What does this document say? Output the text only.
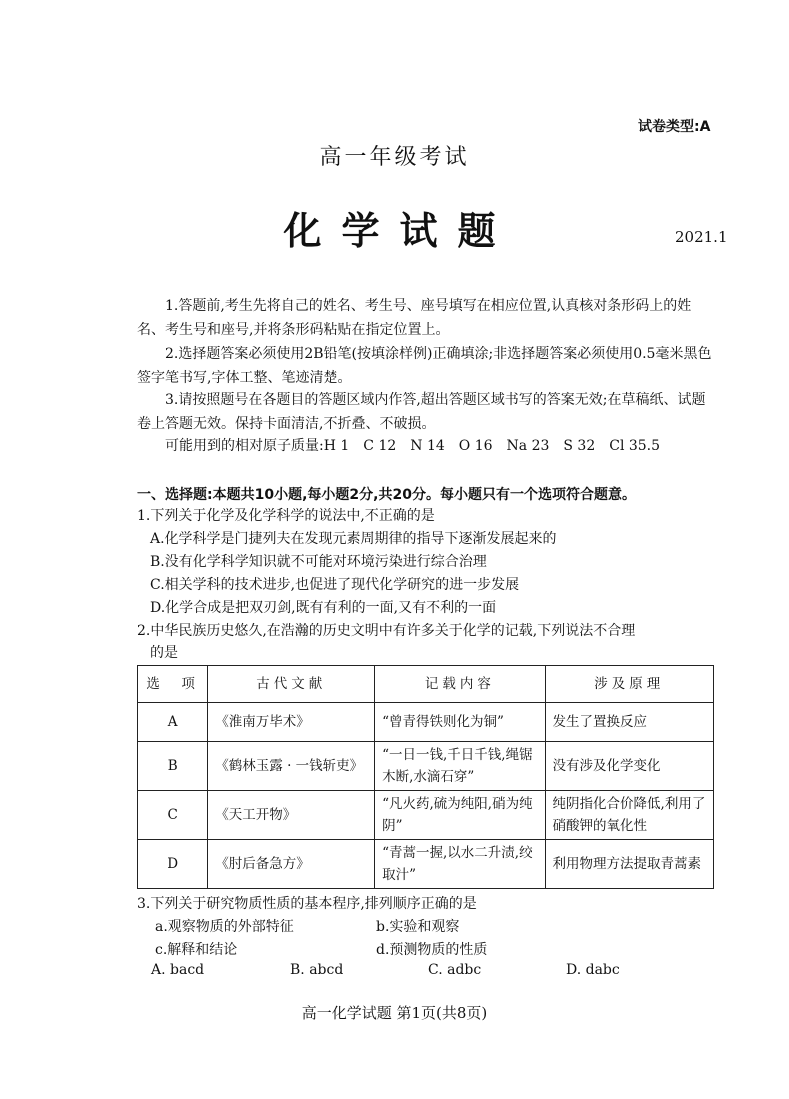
试卷类型:A
高一年级考试
化学试题	2021.1
1.答题前,考生先将自己的姓名、考生号、座号填写在相应位置,认真核对条形码上的姓名、考生号和座号,并将条形码粘贴在指定位置上。
2.选择题答案必须使用2B铅笔(按填涂样例)正确填涂;非选择题答案必须使用0.5毫米黑色签字笔书写,字体工整、笔迹清楚。
3.请按照题号在各题目的答题区域内作答,超出答题区域书写的答案无效;在草稿纸、试题卷上答题无效。保持卡面清洁,不折叠、不破损。
可能用到的相对原子质量:H 1　C 12　N 14　O 16　Na 23　S 32　Cl 35.5
一、选择题:本题共10小题,每小题2分,共20分。每小题只有一个选项符合题意。
1.下列关于化学及化学科学的说法中,不正确的是
A.化学科学是门捷列夫在发现元素周期律的指导下逐渐发展起来的
B.没有化学科学知识就不可能对环境污染进行综合治理
C.相关学科的技术进步,也促进了现代化学研究的进一步发展
D.化学合成是把双刃剑,既有有利的一面,又有不利的一面
2.中华民族历史悠久,在浩瀚的历史文明中有许多关于化学的记载,下列说法不合理
的是
选　项	古代文献	记载内容	涉及原理
A	《淮南万毕术》	“曾青得铁则化为铜”	发生了置换反应
B	《鹤林玉露 · 一钱斩吏》	“一日一钱,千日千钱,绳锯木断,水滴石穿”	没有涉及化学变化
C	《天工开物》	“凡火药,硫为纯阳,硝为纯阴”	纯阴指化合价降低,利用了硝酸钾的氧化性
D	《肘后备急方》	“青蒿一握,以水二升渍,绞取汁”	利用物理方法提取青蒿素
3.下列关于研究物质性质的基本程序,排列顺序正确的是
a.观察物质的外部特征	b.实验和观察
c.解释和结论	d.预测物质的性质
A. bacd	B. abcd	C. adbc	D. dabc
高一化学试题 第1页(共8页)
